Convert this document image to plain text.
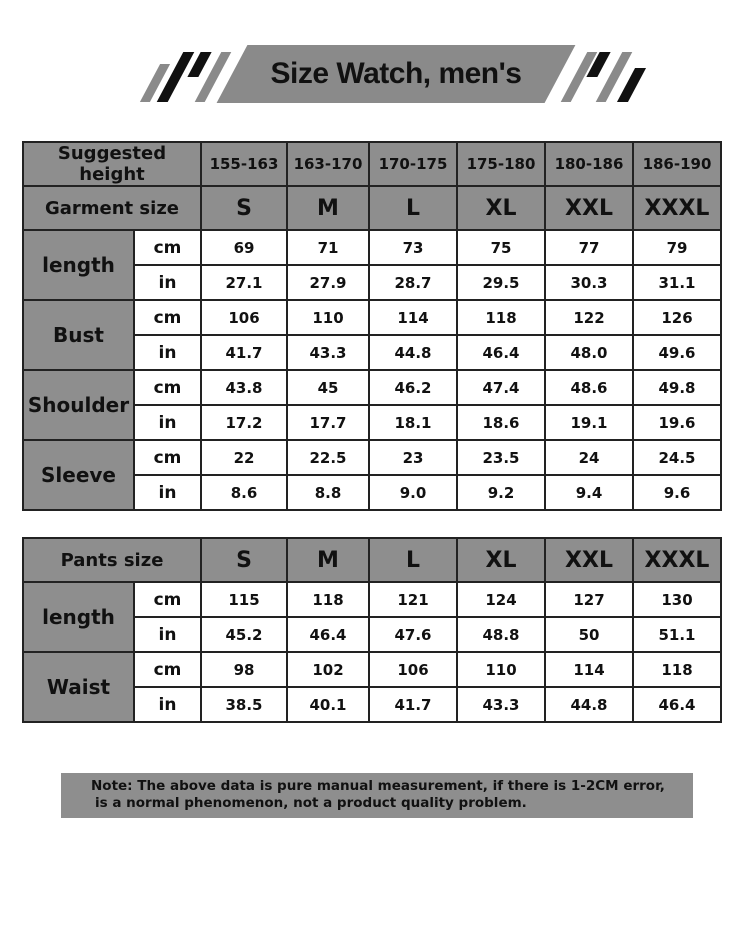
Size Watch, men's
Suggested height		155-163	163-170	170-175	175-180	180-186	186-190
Garment size		S	M	L	XL	XXL	XXXL
length	cm	69	71	73	75	77	79
	in	27.1	27.9	28.7	29.5	30.3	31.1
Bust	cm	106	110	114	118	122	126
	in	41.7	43.3	44.8	46.4	48.0	49.6
Shoulder	cm	43.8	45	46.2	47.4	48.6	49.8
	in	17.2	17.7	18.1	18.6	19.1	19.6
Sleeve	cm	22	22.5	23	23.5	24	24.5
	in	8.6	8.8	9.0	9.2	9.4	9.6
Pants size		S	M	L	XL	XXL	XXXL
length	cm	115	118	121	124	127	130
	in	45.2	46.4	47.6	48.8	50	51.1
Waist	cm	98	102	106	110	114	118
	in	38.5	40.1	41.7	43.3	44.8	46.4
Note: The above data is pure manual measurement, if there is 1-2CM error,
is a normal phenomenon, not a product quality problem.
